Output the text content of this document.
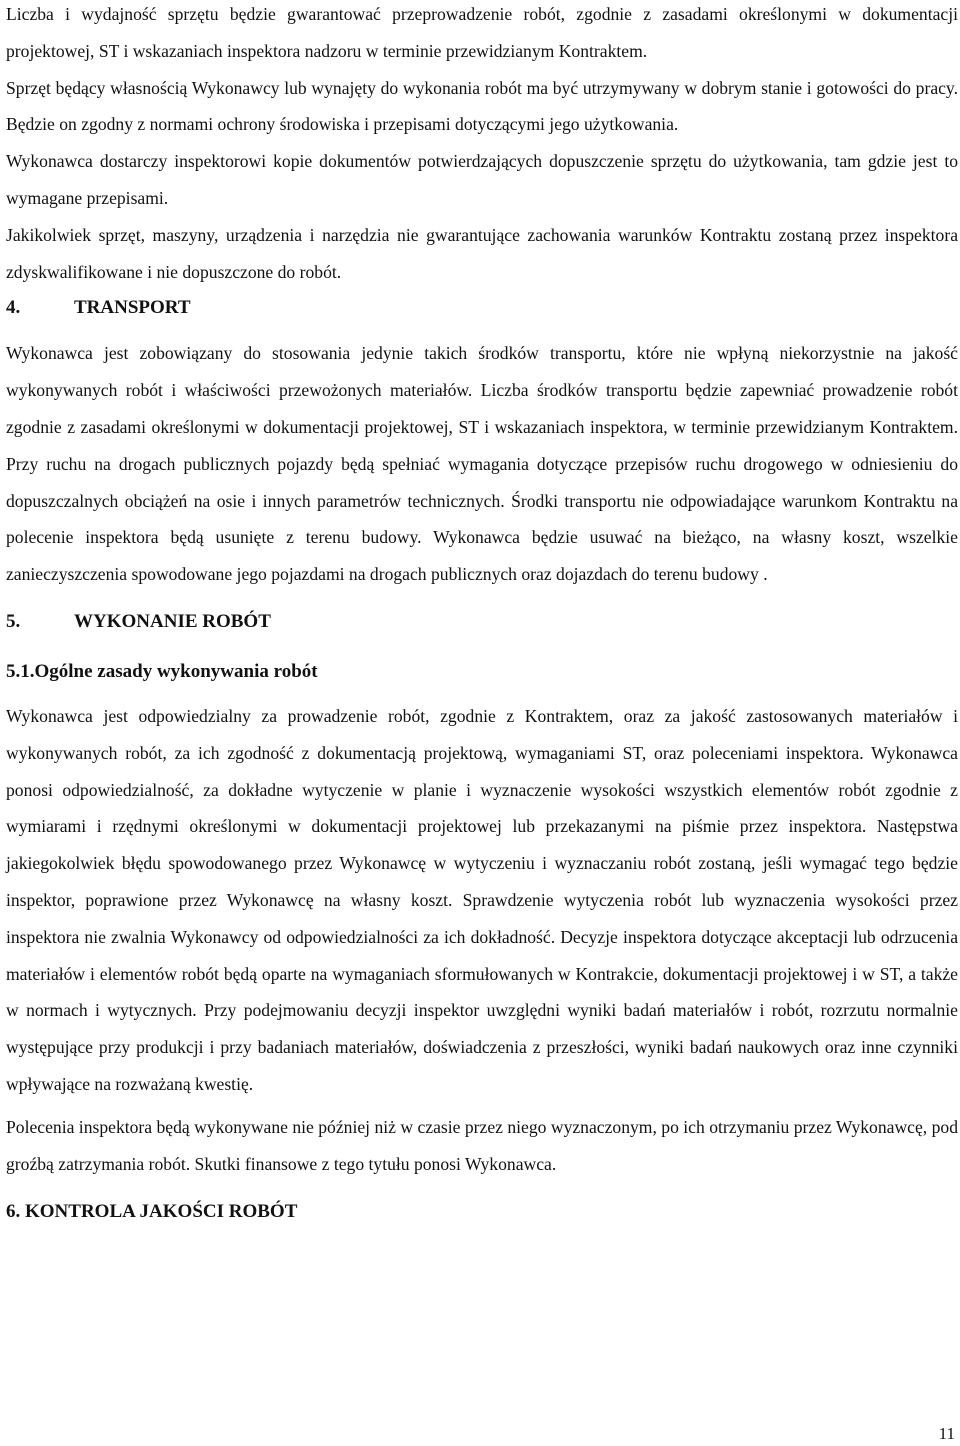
Liczba i wydajność sprzętu będzie gwarantować przeprowadzenie robót, zgodnie z zasadami określonymi w dokumentacji projektowej, ST i wskazaniach inspektora nadzoru w terminie przewidzianym Kontraktem.

Sprzęt będący własnością Wykonawcy lub wynajęty do wykonania robót ma być utrzymywany w dobrym stanie i gotowości do pracy. Będzie on zgodny z normami ochrony środowiska i przepisami dotyczącymi jego użytkowania.

Wykonawca dostarczy inspektorowi kopie dokumentów potwierdzających dopuszczenie sprzętu do użytkowania, tam gdzie jest to wymagane przepisami.

Jakikolwiek sprzęt, maszyny, urządzenia i narzędzia nie gwarantujące zachowania warunków Kontraktu zostaną przez inspektora zdyskwalifikowane i nie dopuszczone do robót.

4.	TRANSPORT

Wykonawca jest zobowiązany do stosowania jedynie takich środków transportu, które nie wpłyną niekorzystnie na jakość wykonywanych robót i właściwości przewożonych materiałów. Liczba środków transportu będzie zapewniać prowadzenie robót zgodnie z zasadami określonymi w dokumentacji projektowej, ST i wskazaniach inspektora, w terminie przewidzianym Kontraktem. Przy ruchu na drogach publicznych pojazdy będą spełniać wymagania dotyczące przepisów ruchu drogowego w odniesieniu do dopuszczalnych obciążeń na osie i innych parametrów technicznych. Środki transportu nie odpowiadające warunkom Kontraktu na polecenie inspektora będą usunięte z terenu budowy. Wykonawca będzie usuwać na bieżąco, na własny koszt, wszelkie zanieczyszczenia spowodowane jego pojazdami na drogach publicznych oraz dojazdach do terenu budowy .

5.	WYKONANIE ROBÓT
5.1.Ogólne zasady wykonywania robót

Wykonawca jest odpowiedzialny za prowadzenie robót, zgodnie z Kontraktem, oraz za jakość zastosowanych materiałów i wykonywanych robót, za ich zgodność z dokumentacją projektową, wymaganiami ST, oraz poleceniami inspektora. Wykonawca ponosi odpowiedzialność, za dokładne wytyczenie w planie i wyznaczenie wysokości wszystkich elementów robót zgodnie z wymiarami i rzędnymi określonymi w dokumentacji projektowej lub przekazanymi na piśmie przez inspektora. Następstwa jakiegokolwiek błędu spowodowanego przez Wykonawcę w wytyczeniu i wyznaczaniu robót zostaną, jeśli wymagać tego będzie inspektor, poprawione przez Wykonawcę na własny koszt. Sprawdzenie wytyczenia robót lub wyznaczenia wysokości przez inspektora nie zwalnia Wykonawcy od odpowiedzialności za ich dokładność. Decyzje inspektora dotyczące akceptacji lub odrzucenia materiałów i elementów robót będą oparte na wymaganiach sformułowanych w Kontrakcie, dokumentacji projektowej i w ST, a także w normach i wytycznych. Przy podejmowaniu decyzji inspektor uwzględni wyniki badań materiałów i robót, rozrzutu normalnie występujące przy produkcji i przy badaniach materiałów, doświadczenia z przeszłości, wyniki badań naukowych oraz inne czynniki wpływające na rozważaną kwestię.

Polecenia inspektora będą wykonywane nie później niż w czasie przez niego wyznaczonym, po ich otrzymaniu przez Wykonawcę, pod groźbą zatrzymania robót. Skutki finansowe z tego tytułu ponosi Wykonawca.

6. KONTROLA JAKOŚCI ROBÓT
11
